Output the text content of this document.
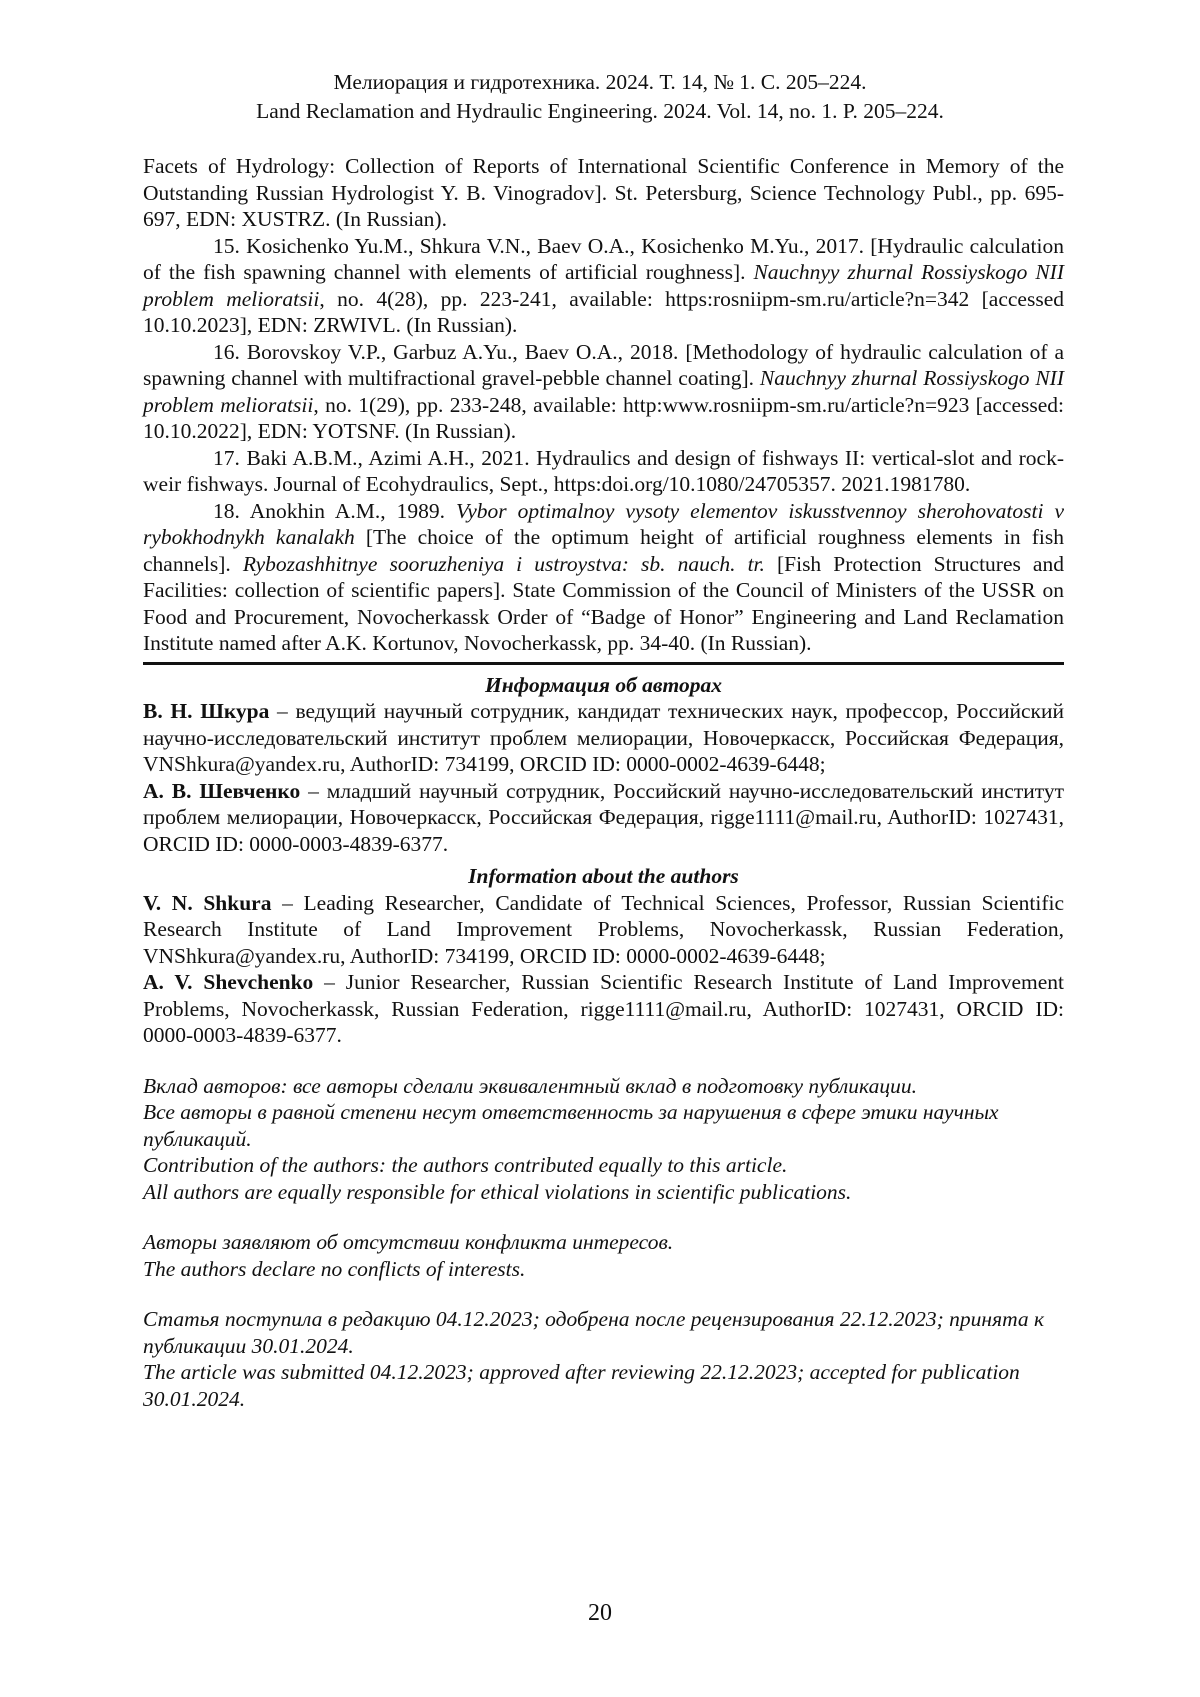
Мелиорация и гидротехника. 2024. Т. 14, № 1. С. 205–224.
Land Reclamation and Hydraulic Engineering. 2024. Vol. 14, no. 1. P. 205–224.

Facets of Hydrology: Collection of Reports of International Scientific Conference in Memory of the Outstanding Russian Hydrologist Y. B. Vinogradov]. St. Petersburg, Science Technology Publ., pp. 695-697, EDN: XUSTRZ. (In Russian).

15. Kosichenko Yu.M., Shkura V.N., Baev O.A., Kosichenko M.Yu., 2017. [Hydraulic calculation of the fish spawning channel with elements of artificial roughness]. Nauchnyy zhurnal Rossiyskogo NII problem melioratsii, no. 4(28), pp. 223-241, available: https:rosniipm-sm.ru/article?n=342 [accessed 10.10.2023], EDN: ZRWIVL. (In Russian).

16. Borovskoy V.P., Garbuz A.Yu., Baev O.A., 2018. [Methodology of hydraulic calculation of a spawning channel with multifractional gravel-pebble channel coating]. Nauchnyy zhurnal Rossiyskogo NII problem melioratsii, no. 1(29), pp. 233-248, available: http:www.rosniipm-sm.ru/article?n=923 [accessed: 10.10.2022], EDN: YOTSNF. (In Russian).

17. Baki A.B.M., Azimi A.H., 2021. Hydraulics and design of fishways II: vertical-slot and rock-weir fishways. Journal of Ecohydraulics, Sept., https:doi.org/10.1080/24705357. 2021.1981780.

18. Anokhin A.M., 1989. Vybor optimalnoy vysoty elementov iskusstvennoy sherohovatosti v rybokhodnykh kanalakh [The choice of the optimum height of artificial roughness elements in fish channels]. Rybozashhitnye sooruzheniya i ustroystva: sb. nauch. tr. [Fish Protection Structures and Facilities: collection of scientific papers]. State Commission of the Council of Ministers of the USSR on Food and Procurement, Novocherkassk Order of “Badge of Honor” Engineering and Land Reclamation Institute named after A.K. Kortunov, Novocherkassk, pp. 34-40. (In Russian).

Информация об авторах

В. Н. Шкура – ведущий научный сотрудник, кандидат технических наук, профессор, Российский научно-исследовательский институт проблем мелиорации, Новочеркасск, Российская Федерация, VNShkura@yandex.ru, AuthorID: 734199, ORCID ID: 0000-0002-4639-6448;

А. В. Шевченко – младший научный сотрудник, Российский научно-исследовательский институт проблем мелиорации, Новочеркасск, Российская Федерация, rigge1111@mail.ru, AuthorID: 1027431, ORCID ID: 0000-0003-4839-6377.

Information about the authors

V. N. Shkura – Leading Researcher, Candidate of Technical Sciences, Professor, Russian Scientific Research Institute of Land Improvement Problems, Novocherkassk, Russian Federation, VNShkura@yandex.ru, AuthorID: 734199, ORCID ID: 0000-0002-4639-6448;

A. V. Shevchenko – Junior Researcher, Russian Scientific Research Institute of Land Improvement Problems, Novocherkassk, Russian Federation, rigge1111@mail.ru, AuthorID: 1027431, ORCID ID: 0000-0003-4839-6377.

Вклад авторов: все авторы сделали эквивалентный вклад в подготовку публикации.

Все авторы в равной степени несут ответственность за нарушения в сфере этики научных публикаций.

Contribution of the authors: the authors contributed equally to this article.

All authors are equally responsible for ethical violations in scientific publications.

Авторы заявляют об отсутствии конфликта интересов.

The authors declare no conflicts of interests.

Статья поступила в редакцию 04.12.2023; одобрена после рецензирования 22.12.2023; принята к публикации 30.01.2024.

The article was submitted 04.12.2023; approved after reviewing 22.12.2023; accepted for publication 30.01.2024.

20
